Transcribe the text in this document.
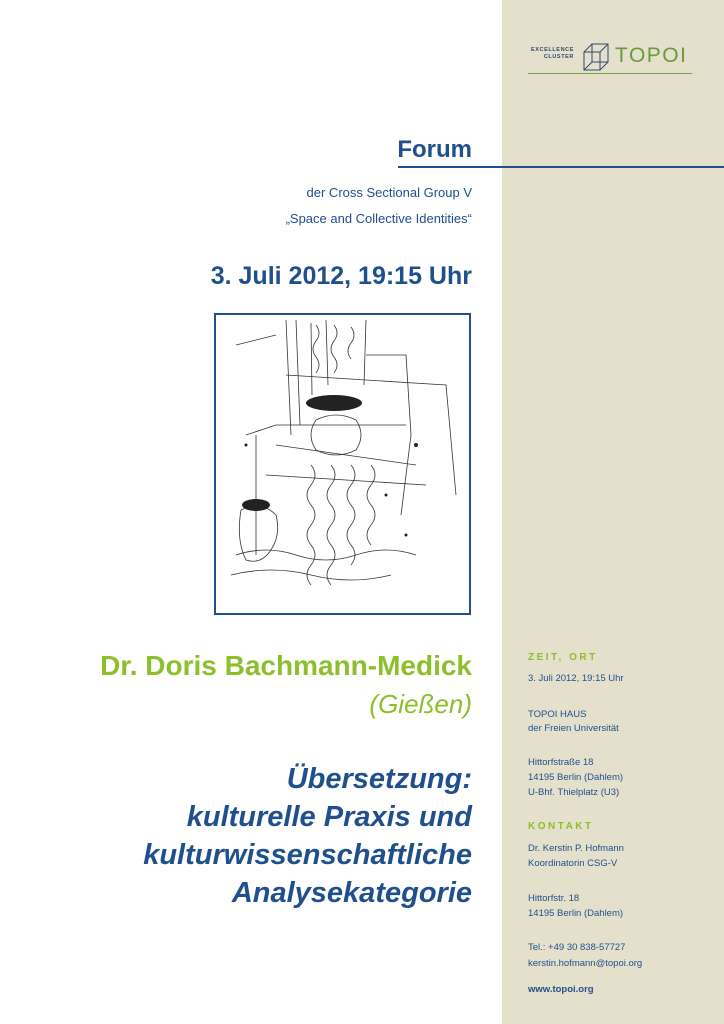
EXCELLENCE
CLUSTER TOPOI
Forum
der Cross Sectional Group V
„Space and Collective Identities“
3. Juli 2012, 19:15 Uhr
Dr. Doris Bachmann-Medick
(Gießen)
Übersetzung:
kulturelle Praxis und
kulturwissenschaftliche
Analysekategorie
ZEIT, ORT
3. Juli 2012, 19:15 Uhr
TOPOI HAUS
der Freien Universität
Hittorfstraße 18
14195 Berlin (Dahlem)
U-Bhf. Thielplatz (U3)
KONTAKT
Dr. Kerstin P. Hofmann
Koordinatorin CSG-V
Hittorfstr. 18
14195 Berlin (Dahlem)
Tel.: +49 30 838-57727
kerstin.hofmann@topoi.org
www.topoi.org
